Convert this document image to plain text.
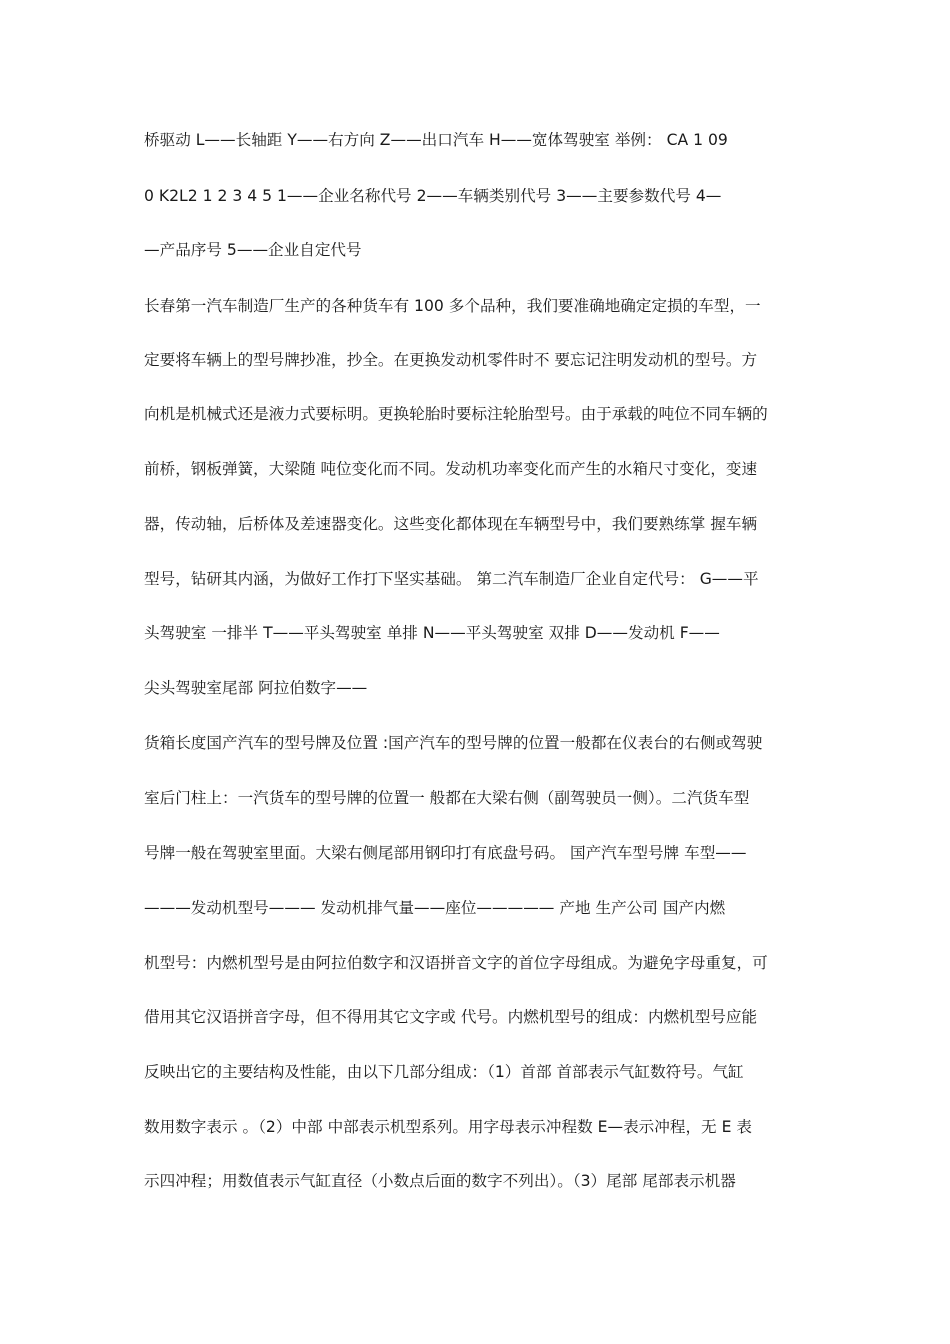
桥驱动 L——长轴距 Y——右方向 Z——出口汽车 H——宽体驾驶室 举例： CA 1 09
0 K2L2 1 2 3 4 5 1——企业名称代号 2——车辆类别代号 3——主要参数代号 4—
—产品序号 5——企业自定代号
长春第一汽车制造厂生产的各种货车有 100 多个品种，我们要准确地确定定损的车型，一
定要将车辆上的型号牌抄准，抄全。在更换发动机零件时不 要忘记注明发动机的型号。方
向机是机械式还是液力式要标明。更换轮胎时要标注轮胎型号。由于承载的吨位不同车辆的
前桥，钢板弹簧，大梁随 吨位变化而不同。发动机功率变化而产生的水箱尺寸变化，变速
器，传动轴，后桥体及差速器变化。这些变化都体现在车辆型号中，我们要熟练掌 握车辆
型号，钻研其内涵，为做好工作打下坚实基础。 第二汽车制造厂企业自定代号： G——平
头驾驶室 一排半 T——平头驾驶室 单排 N——平头驾驶室 双排 D——发动机 F——
尖头驾驶室尾部 阿拉伯数字——
货箱长度国产汽车的型号牌及位置 :国产汽车的型号牌的位置一般都在仪表台的右侧或驾驶
室后门柱上：一汽货车的型号牌的位置一 般都在大梁右侧（副驾驶员一侧）。二汽货车型
号牌一般在驾驶室里面。大梁右侧尾部用钢印打有底盘号码。 国产汽车型号牌 车型——
———发动机型号——— 发动机排气量——座位————— 产地 生产公司 国产内燃
机型号：内燃机型号是由阿拉伯数字和汉语拼音文字的首位字母组成。为避免字母重复，可
借用其它汉语拼音字母，但不得用其它文字或 代号。内燃机型号的组成：内燃机型号应能
反映出它的主要结构及性能，由以下几部分组成：（1）首部 首部表示气缸数符号。气缸
数用数字表示 。（2）中部 中部表示机型系列。用字母表示冲程数 E—表示冲程，无 E 表
示四冲程；用数值表示气缸直径（小数点后面的数字不列出）。（3）尾部 尾部表示机器
